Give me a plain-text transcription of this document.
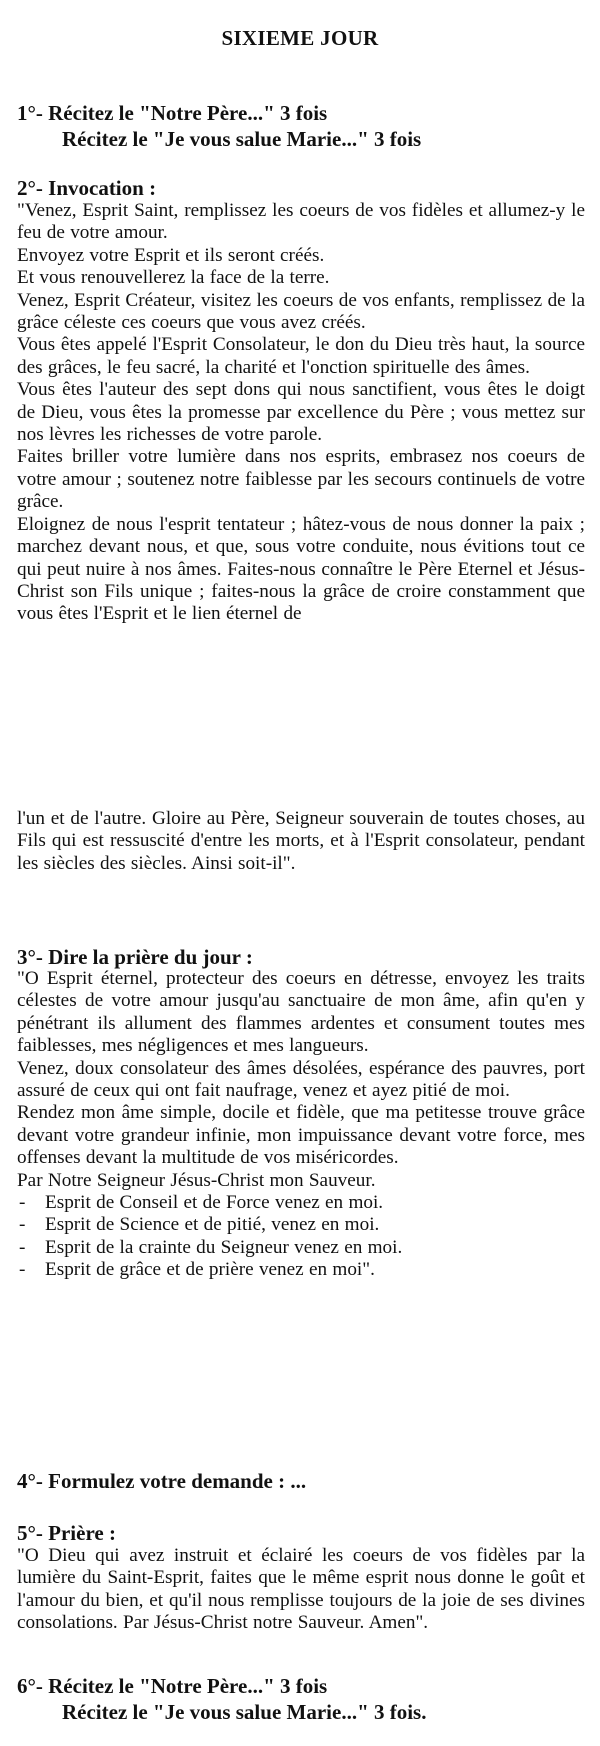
SIXIEME JOUR
1°- Récitez le "Notre Père..." 3 fois
Récitez le "Je vous salue Marie..." 3 fois
2°- Invocation :

"Venez, Esprit Saint, remplissez les coeurs de vos fidèles et allumez-y le feu de votre amour.

Envoyez votre Esprit et ils seront créés.

Et vous renouvellerez la face de la terre.

Venez, Esprit Créateur, visitez les coeurs de vos enfants, remplissez de la grâce céleste ces coeurs que vous avez créés.

Vous êtes appelé l'Esprit Consolateur, le don du Dieu très haut, la source des grâces, le feu sacré, la charité et l'onction spirituelle des âmes.

Vous êtes l'auteur des sept dons qui nous sanctifient, vous êtes le doigt de Dieu, vous êtes la promesse par excellence du Père ; vous mettez sur nos lèvres les richesses de votre parole.

Faites briller votre lumière dans nos esprits, embrasez nos coeurs de votre amour ; soutenez notre faiblesse par les secours continuels de votre grâce.

Eloignez de nous l'esprit tentateur ; hâtez-vous de nous donner la paix ; marchez devant nous, et que, sous votre conduite, nous évitions tout ce qui peut nuire à nos âmes. Faites-nous connaître le Père Eternel et Jésus-Christ son Fils unique ; faites-nous la grâce de croire constamment que vous êtes l'Esprit et le lien éternel de

l'un et de l'autre. Gloire au Père, Seigneur souverain de toutes choses, au Fils qui est ressuscité d'entre les morts, et à l'Esprit consolateur, pendant les siècles des siècles. Ainsi soit-il".

3°- Dire la prière du jour :

"O Esprit éternel, protecteur des coeurs en détresse, envoyez les traits célestes de votre amour jusqu'au sanctuaire de mon âme, afin qu'en y pénétrant ils allument des flammes ardentes et consument toutes mes faiblesses, mes négligences et mes langueurs.

Venez, doux consolateur des âmes désolées, espérance des pauvres, port assuré de ceux qui ont fait naufrage, venez et ayez pitié de moi.

Rendez mon âme simple, docile et fidèle, que ma petitesse trouve grâce devant votre grandeur infinie, mon impuissance devant votre force, mes offenses devant la multitude de vos miséricordes.

Par Notre Seigneur Jésus-Christ mon Sauveur.

- Esprit de Conseil et de Force venez en moi.
- Esprit de Science et de pitié, venez en moi.
- Esprit de la crainte du Seigneur venez en moi.
- Esprit de grâce et de prière venez en moi".
4°- Formulez votre demande : ...
5°- Prière :

"O Dieu qui avez instruit et éclairé les coeurs de vos fidèles par la lumière du Saint-Esprit, faites que le même esprit nous donne le goût et l'amour du bien, et qu'il nous remplisse toujours de la joie de ses divines consolations. Par Jésus-Christ notre Sauveur. Amen".

6°- Récitez le "Notre Père..." 3 fois
Récitez le "Je vous salue Marie..." 3 fois.
